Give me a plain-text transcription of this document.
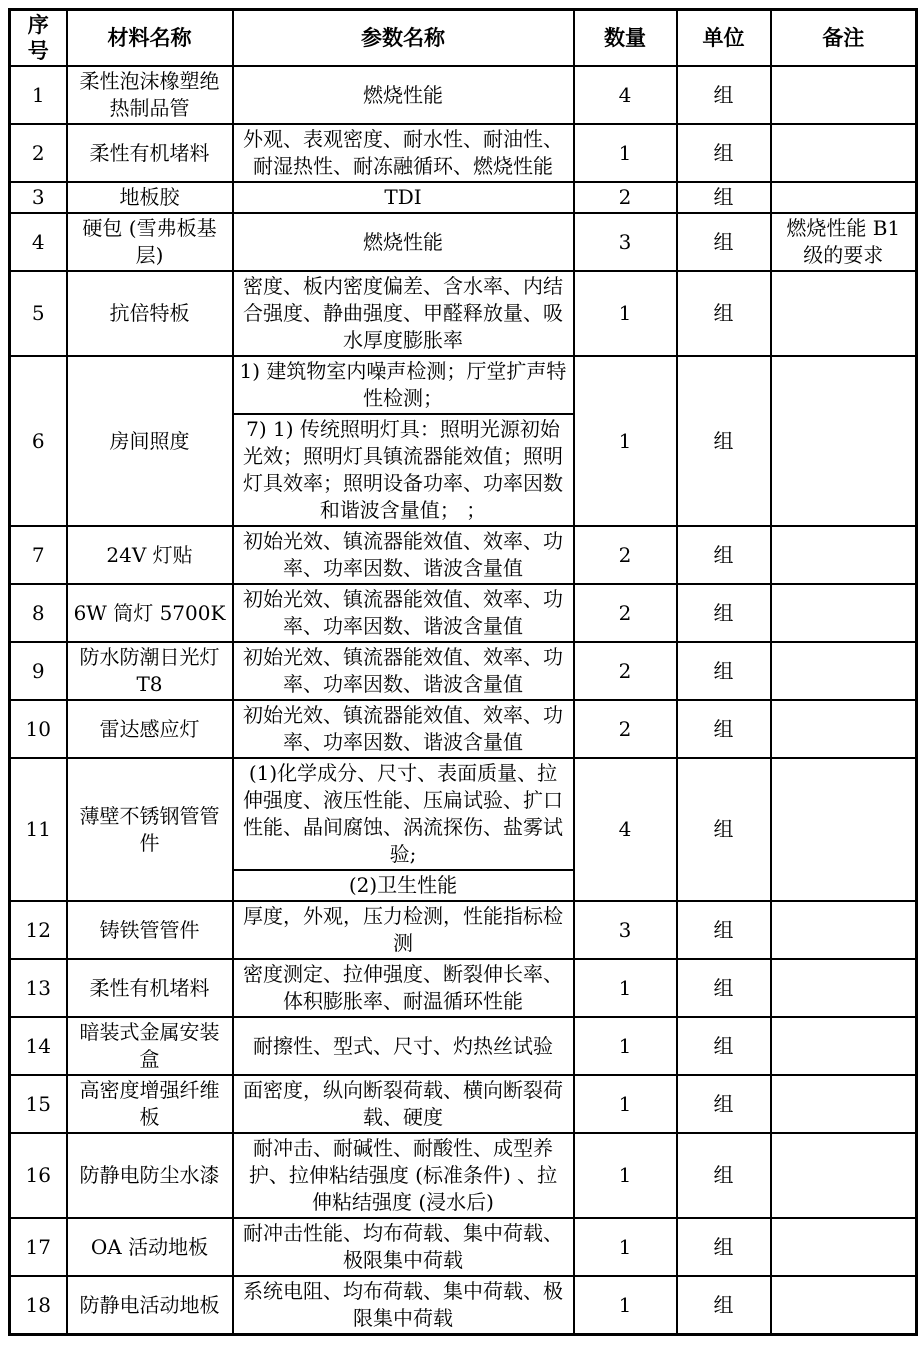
序号	材料名称	参数名称	数量	单位	备注
1	柔性泡沫橡塑绝热制品管	燃烧性能	4	组	
2	柔性有机堵料	外观、表观密度、耐水性、耐油性、耐湿热性、耐冻融循环、燃烧性能	1	组	
3	地板胶	TDI	2	组	
4	硬包 (雪弗板基层)	燃烧性能	3	组	燃烧性能 B1 级的要求
5	抗倍特板	密度、板内密度偏差、含水率、内结合强度、静曲强度、甲醛释放量、吸水厚度膨胀率	1	组	
6	房间照度	1) 建筑物室内噪声检测；厅堂扩声特性检测；	1	组	
		7) 1) 传统照明灯具：照明光源初始光效；照明灯具镇流器能效值；照明灯具效率；照明设备功率、功率因数和谐波含量值； ；			
7	24V 灯贴	初始光效、镇流器能效值、效率、功率、功率因数、谐波含量值	2	组	
8	6W 筒灯 5700K	初始光效、镇流器能效值、效率、功率、功率因数、谐波含量值	2	组	
9	防水防潮日光灯 T8	初始光效、镇流器能效值、效率、功率、功率因数、谐波含量值	2	组	
10	雷达感应灯	初始光效、镇流器能效值、效率、功率、功率因数、谐波含量值	2	组	
11	薄壁不锈钢管管件	(1)化学成分、尺寸、表面质量、拉伸强度、液压性能、压扁试验、扩口性能、晶间腐蚀、涡流探伤、盐雾试验;	4	组	
		(2)卫生性能			
12	铸铁管管件	厚度，外观，压力检测，性能指标检测	3	组	
13	柔性有机堵料	密度测定、拉伸强度、断裂伸长率、体积膨胀率、耐温循环性能	1	组	
14	暗装式金属安装盒	耐擦性、型式、尺寸、灼热丝试验	1	组	
15	高密度增强纤维板	面密度，纵向断裂荷载、横向断裂荷载、硬度	1	组	
16	防静电防尘水漆	耐冲击、耐碱性、耐酸性、成型养护、拉伸粘结强度 (标准条件) 、拉伸粘结强度 (浸水后)	1	组	
17	OA 活动地板	耐冲击性能、均布荷载、集中荷载、极限集中荷载	1	组	
18	防静电活动地板	系统电阻、均布荷载、集中荷载、极限集中荷载	1	组	
